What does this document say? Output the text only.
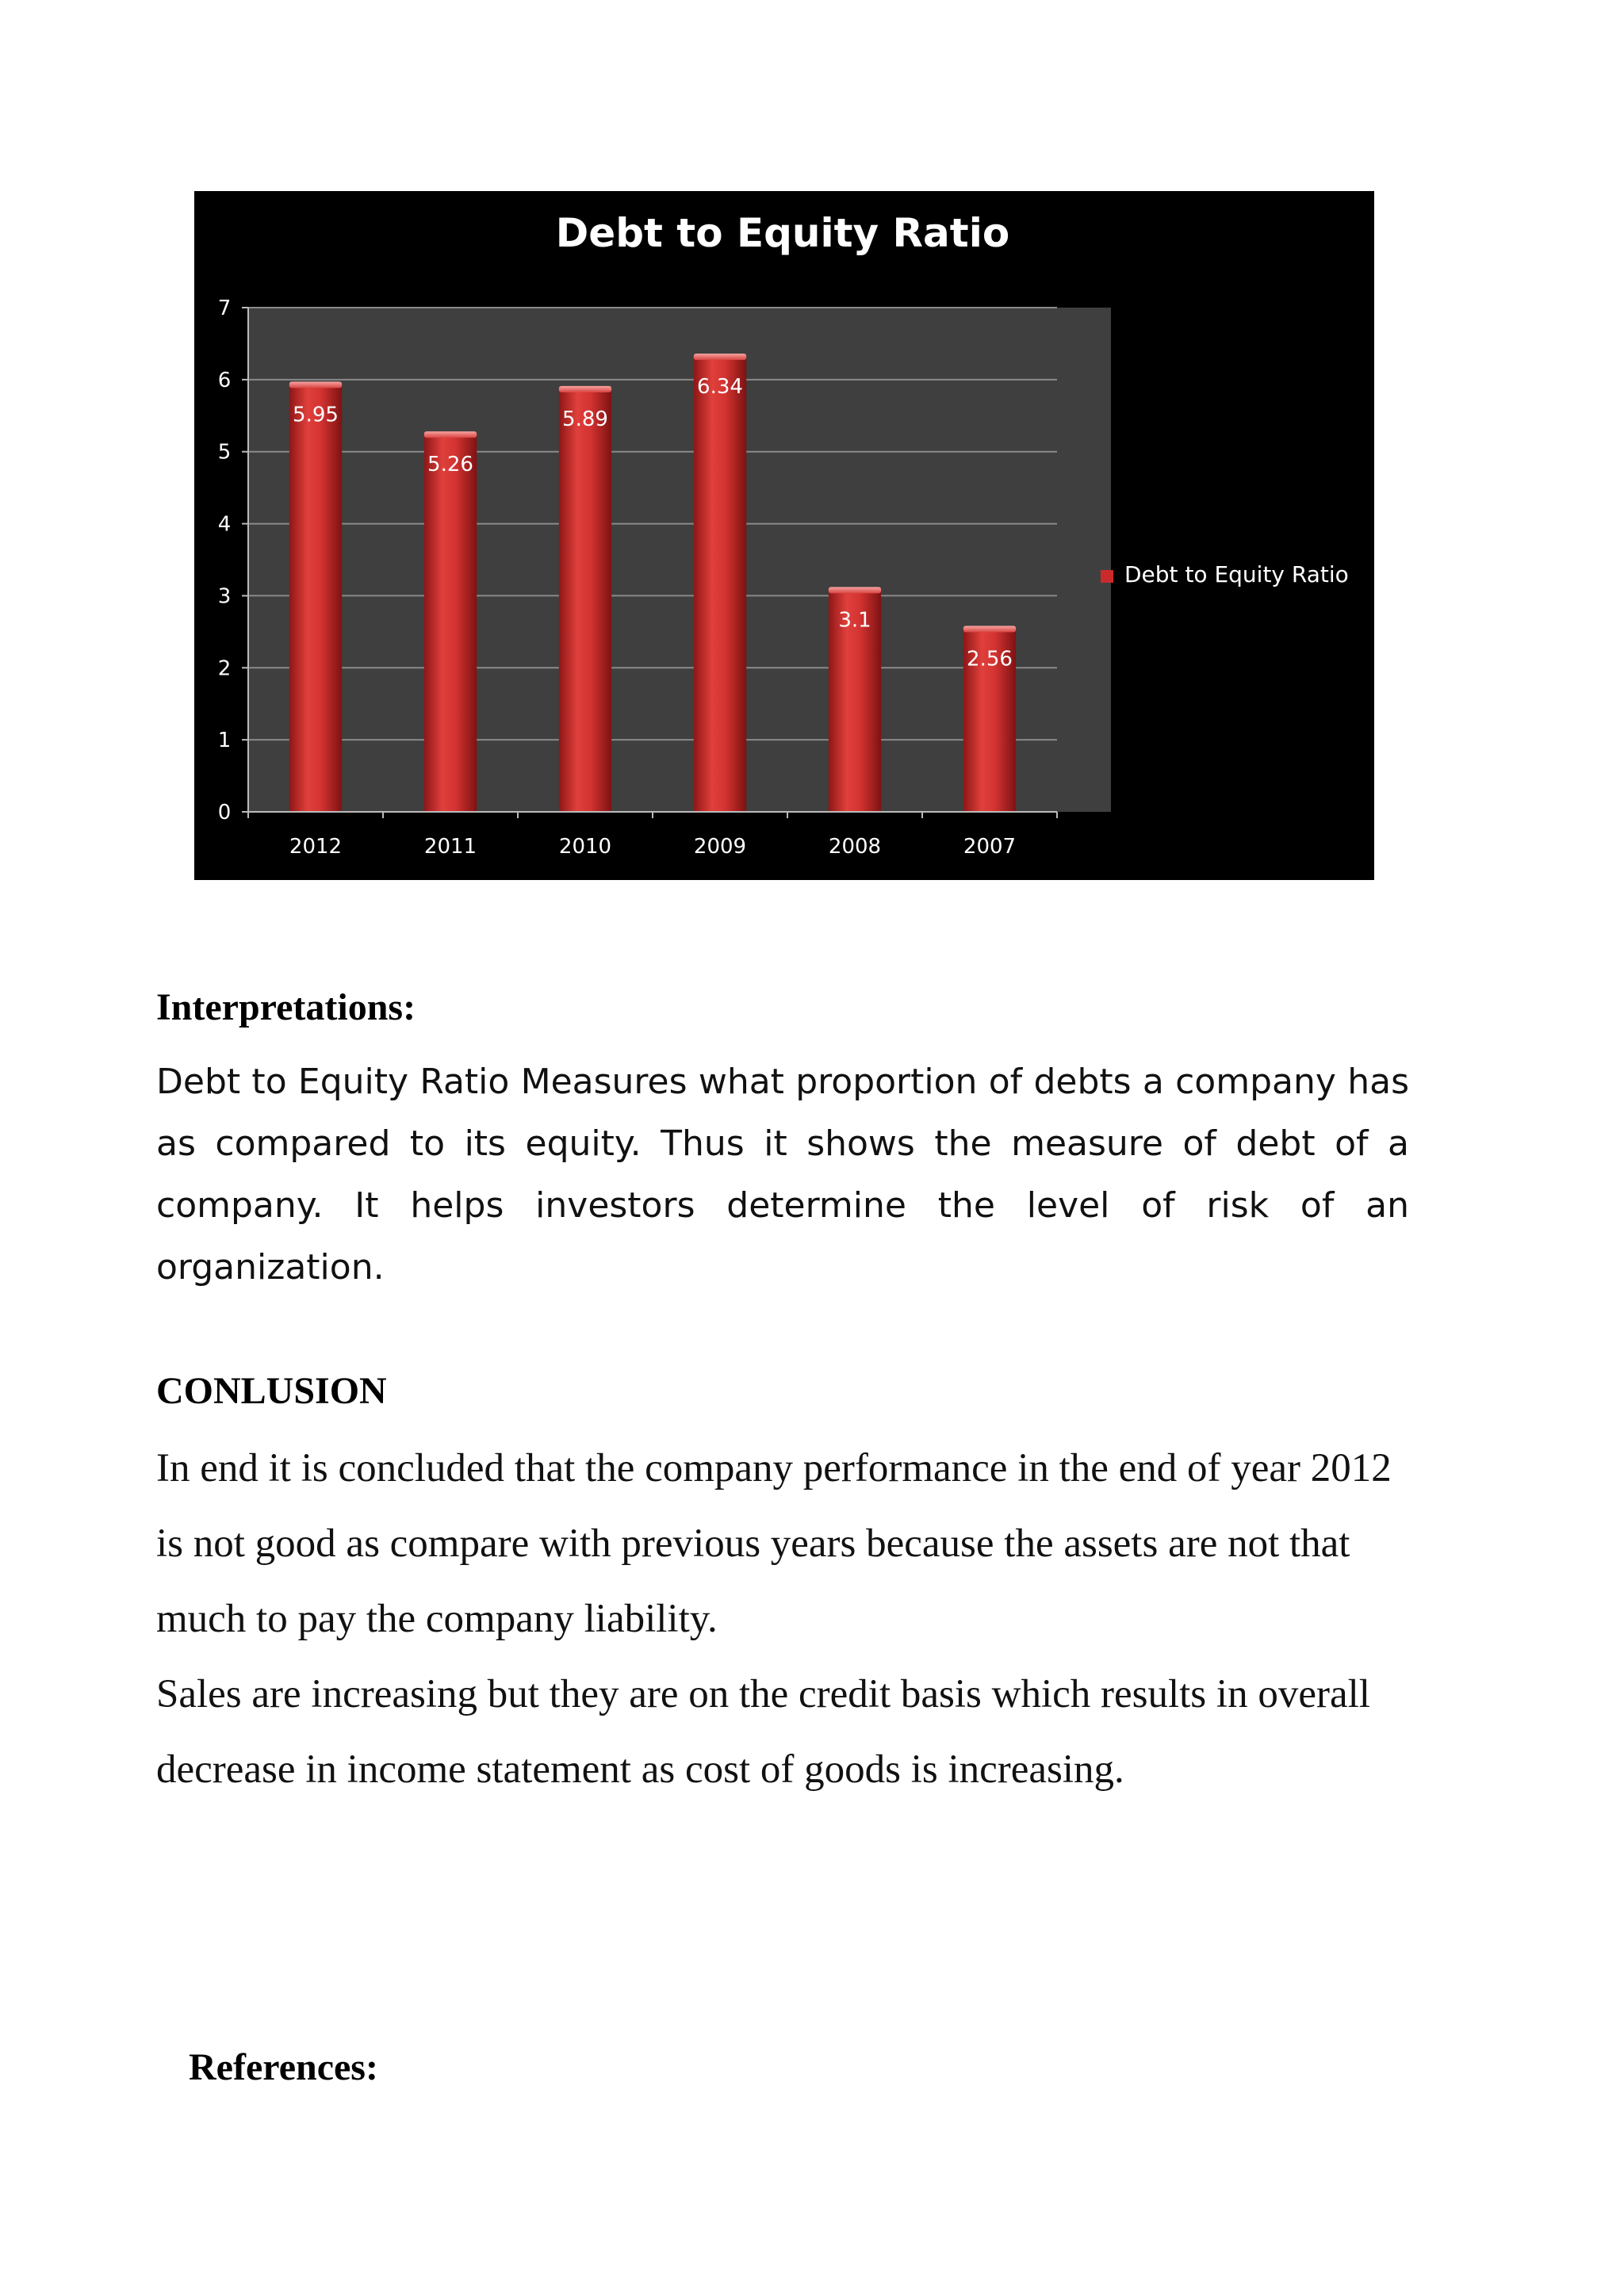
Debt to Equity Ratio
5.95
5.26
5.89
6.34
3.1
2.56
0
1
2
3
4
5
6
7
2012	2011	2010	2009	2008	2007
Debt to Equity Ratio
Interpretations:

Debt to Equity Ratio Measures what proportion of debts a company has as compared to its equity. Thus it shows the measure of debt of a company. It helps investors determine the level of risk of an organization.

CONLUSION

In end it is concluded that the company performance in the end of year 2012 is not good as compare with previous years because the assets are not that much to pay the company liability.

Sales are increasing but they are on the credit basis which results in overall decrease in income statement as cost of goods is increasing.

References:
